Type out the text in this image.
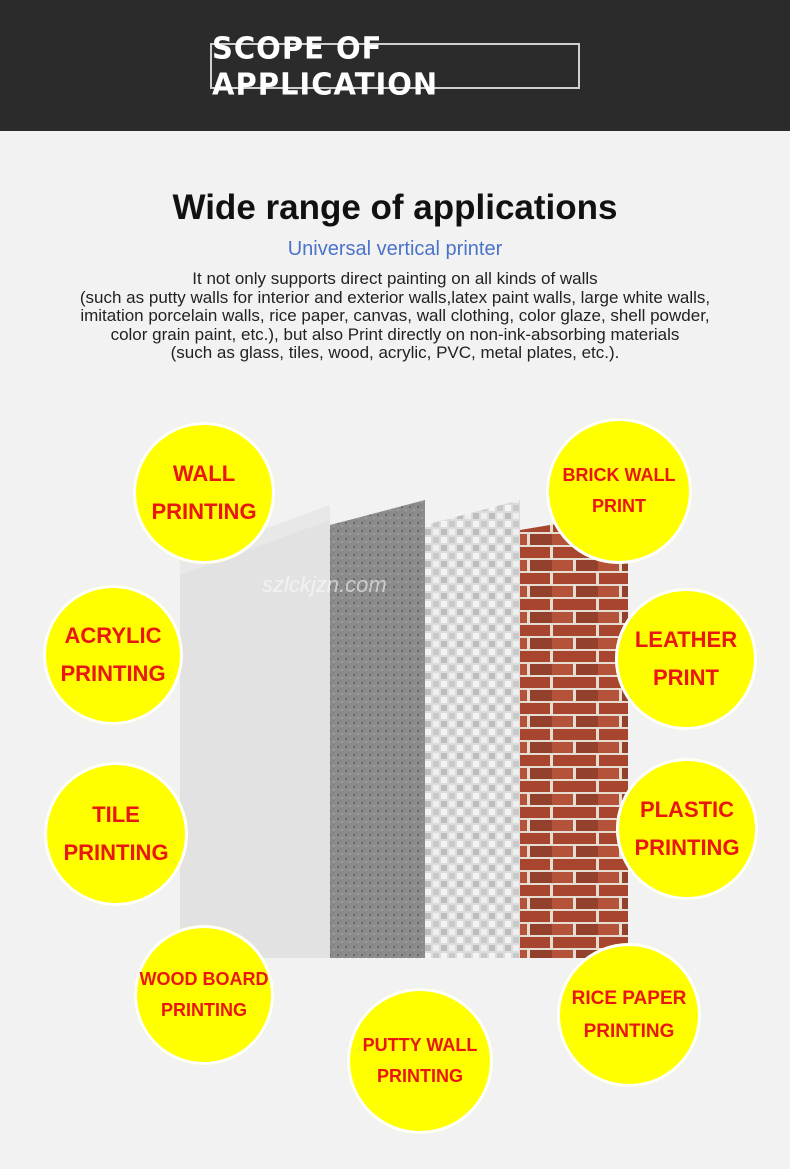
SCOPE OF APPLICATION
Wide range of applications
Universal vertical printer
It not only supports direct painting on all kinds of walls
(such as putty walls for interior and exterior walls,latex paint walls, large white walls,
imitation porcelain walls, rice paper, canvas, wall clothing, color glaze, shell powder,
color grain paint, etc.), but also Print directly on non-ink-absorbing materials
(such as glass, tiles, wood, acrylic, PVC, metal plates, etc.).
szlckjzn.com
WALL
PRINTING
ACRYLIC
PRINTING
TILE
PRINTING
WOOD BOARD
PRINTING
PUTTY WALL
PRINTING
RICE PAPER
PRINTING
PLASTIC
PRINTING
LEATHER
PRINT
BRICK WALL
PRINT
